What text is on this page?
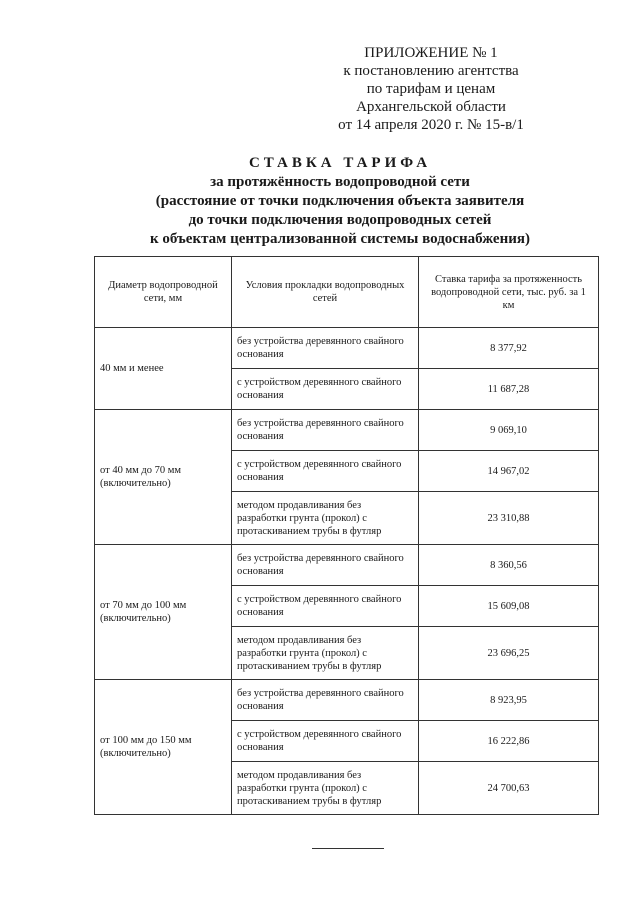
ПРИЛОЖЕНИЕ № 1
к постановлению агентства
по тарифам и ценам
Архангельской области
от 14 апреля 2020 г. № 15-в/1
СТАВКА ТАРИФА
за протяжённость водопроводной сети
(расстояние от точки подключения объекта заявителя
до точки подключения водопроводных сетей
к объектам централизованной системы водоснабжения)
Диаметр водопроводной сети, мм	Условия прокладки водопроводных сетей	Ставка тарифа за протяженность водопроводной сети, тыс. руб. за 1 км
40 мм и менее	без устройства деревянного свайного основания	8 377,92
	с устройством деревянного свайного основания	11 687,28
от 40 мм до 70 мм (включительно)	без устройства деревянного свайного основания	9 069,10
	с устройством деревянного свайного основания	14 967,02
	методом продавливания без разработки грунта (прокол) с протаскиванием трубы в футляр	23 310,88
от 70 мм до 100 мм (включительно)	без устройства деревянного свайного основания	8 360,56
	с устройством деревянного свайного основания	15 609,08
	методом продавливания без разработки грунта (прокол) с протаскиванием трубы в футляр	23 696,25
от 100 мм до 150 мм (включительно)	без устройства деревянного свайного основания	8 923,95
	с устройством деревянного свайного основания	16 222,86
	методом продавливания без разработки грунта (прокол) с протаскиванием трубы в футляр	24 700,63
